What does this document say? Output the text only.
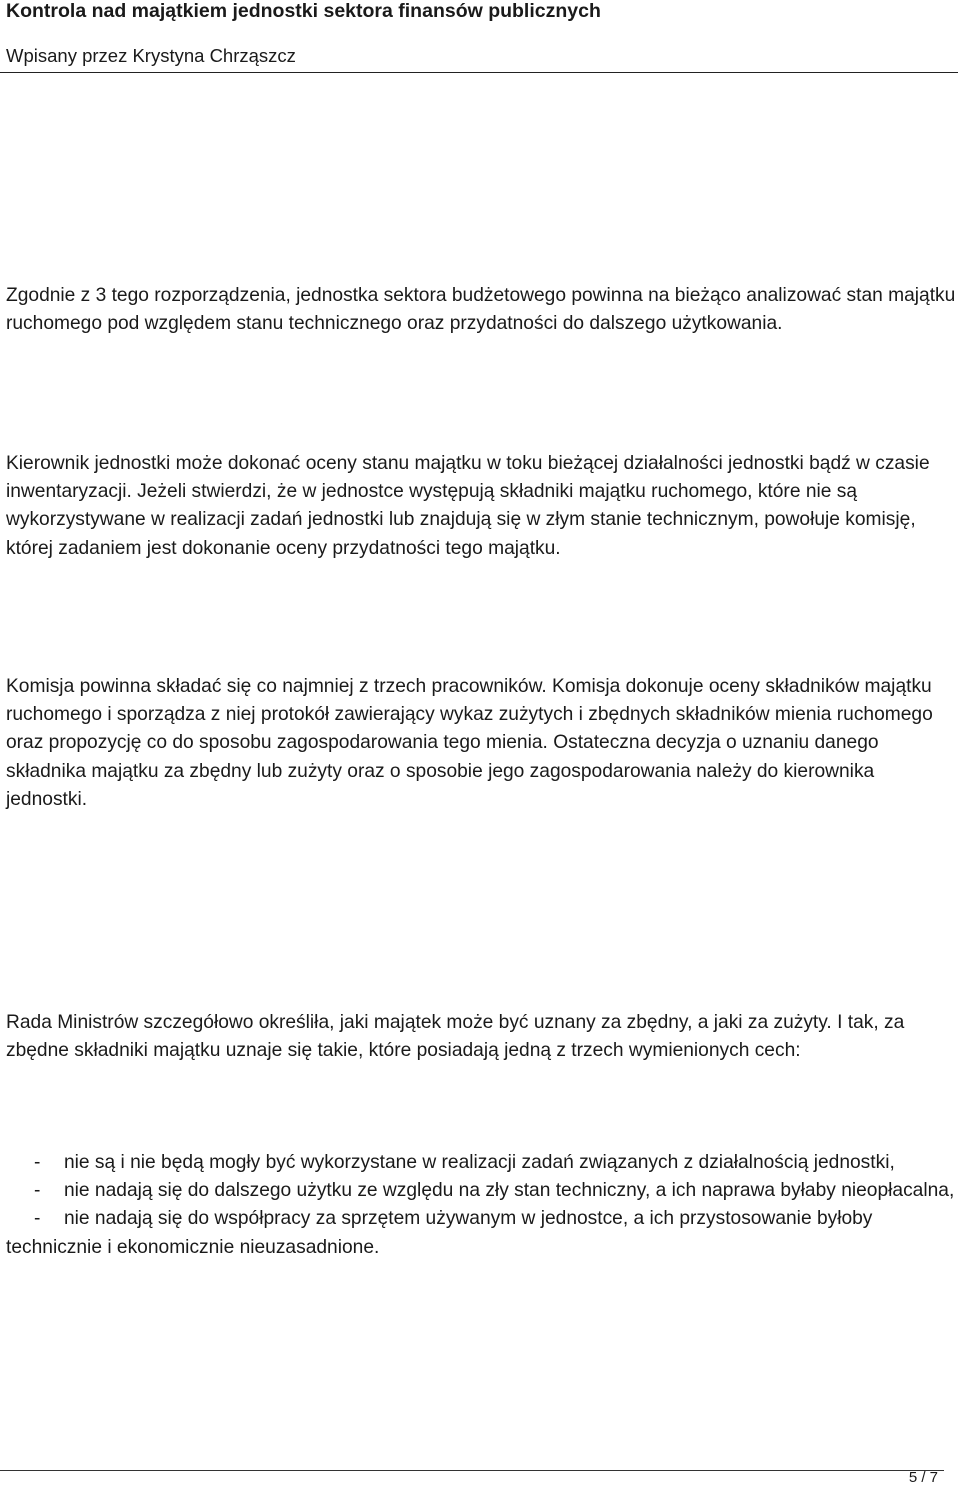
Kontrola nad majątkiem jednostki sektora finansów publicznych
Wpisany przez Krystyna Chrząszcz
Zgodnie z 3 tego rozporządzenia, jednostka sektora budżetowego powinna na bieżąco analizować stan majątku ruchomego pod względem stanu technicznego oraz przydatności do dalszego użytkowania.
Kierownik jednostki może dokonać oceny stanu majątku w toku bieżącej działalności jednostki bądź w czasie inwentaryzacji. Jeżeli stwierdzi, że w jednostce występują składniki majątku ruchomego, które nie są wykorzystywane w realizacji zadań jednostki lub znajdują się w złym stanie technicznym, powołuje komisję, której zadaniem jest dokonanie oceny przydatności tego majątku.
Komisja powinna składać się co najmniej z trzech pracowników. Komisja dokonuje oceny składników majątku ruchomego i sporządza z niej protokół zawierający wykaz zużytych i zbędnych składników mienia ruchomego oraz propozycję co do sposobu zagospodarowania tego mienia. Ostateczna decyzja o uznaniu danego składnika majątku za zbędny lub zużyty oraz o sposobie jego zagospodarowania należy do kierownika jednostki.
Rada Ministrów szczegółowo określiła, jaki majątek może być uznany za zbędny, a jaki za zużyty. I tak, za zbędne składniki majątku uznaje się takie, które posiadają jedną z trzech wymienionych cech:
- nie są i nie będą mogły być wykorzystane w realizacji zadań związanych z działalnością jednostki,
- nie nadają się do dalszego użytku ze względu na zły stan techniczny, a ich naprawa byłaby nieopłacalna,
- nie nadają się do współpracy za sprzętem używanym w jednostce, a ich przystosowanie byłoby technicznie i ekonomicznie nieuzasadnione.
5 / 7
